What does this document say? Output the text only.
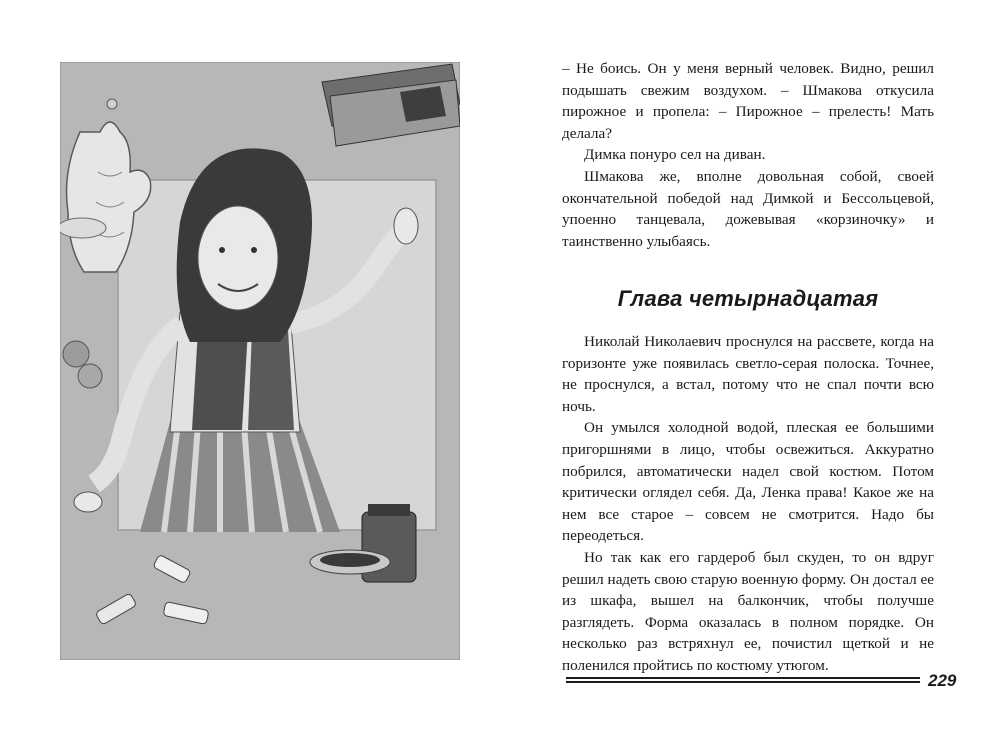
– Не боись. Он у меня верный человек. Видно, решил подышать свежим воздухом. – Шмакова откусила пирожное и пропела: – Пирожное – прелесть! Мать делала?

Димка понуро сел на диван.

Шмакова же, вполне довольная собой, своей окончательной победой над Димкой и Бессольцевой, упоенно танцевала, дожевывая «корзиночку» и таинственно улыбаясь.

Глава четырнадцатая

Николай Николаевич проснулся на рассвете, когда на горизонте уже появилась светло-серая полоска. Точнее, не проснулся, а встал, потому что не спал почти всю ночь.

Он умылся холодной водой, плеская ее большими пригоршнями в лицо, чтобы освежиться. Аккуратно побрился, автоматически надел свой костюм. Потом критически оглядел себя. Да, Ленка права! Какое же на нем все старое – совсем не смотрится. Надо бы переодеться.

Но так как его гардероб был скуден, то он вдруг решил надеть свою старую военную форму. Он достал ее из шкафа, вышел на балкончик, чтобы получше разглядеть. Форма оказалась в полном порядке. Он несколько раз встряхнул ее, почистил щеткой и не поленился пройтись по костюму утюгом.

229
